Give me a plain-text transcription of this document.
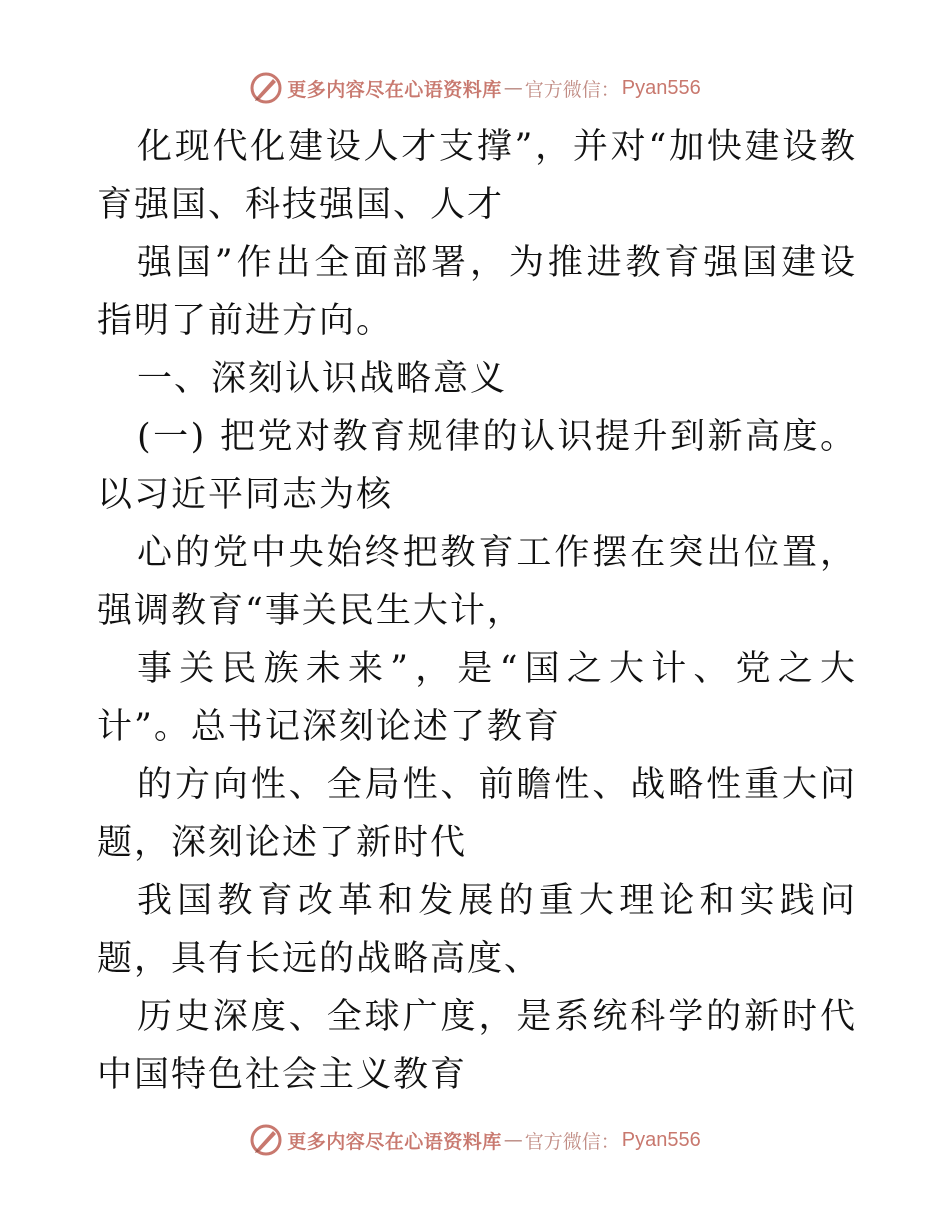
更多内容尽在心语资料库 — 官方微信： Pyan556

化现代化建设人才支撑”，并对“加快建设教育强国、科技强国、人才

强国”作出全面部署，为推进教育强国建设指明了前进方向。

一、深刻认识战略意义

(一) 把党对教育规律的认识提升到新高度。以习近平同志为核

心的党中央始终把教育工作摆在突出位置，强调教育“事关民生大计，

事关民族未来”，是“国之大计、党之大计”。总书记深刻论述了教育

的方向性、全局性、前瞻性、战略性重大问题，深刻论述了新时代

我国教育改革和发展的重大理论和实践问题，具有长远的战略高度、

历史深度、全球广度，是系统科学的新时代中国特色社会主义教育

更多内容尽在心语资料库 — 官方微信： Pyan556
